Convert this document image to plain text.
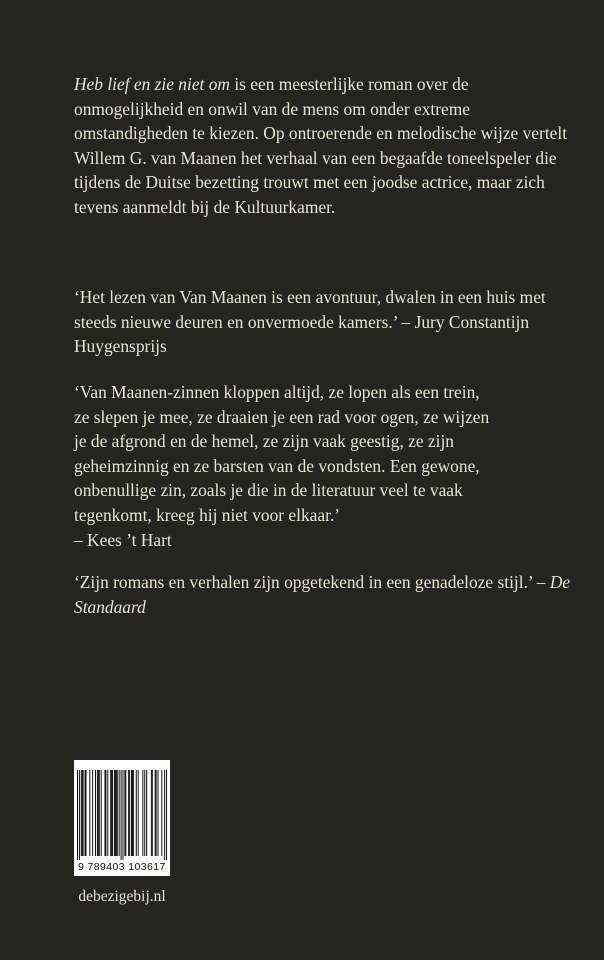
Heb lief en zie niet om is een meesterlijke roman over de onmogelijkheid en onwil van de mens om onder extreme omstandigheden te kiezen. Op ontroerende en melodische wijze vertelt Willem G. van Maanen het verhaal van een begaafde toneelspeler die tijdens de Duitse bezetting trouwt met een joodse actrice, maar zich tevens aanmeldt bij de Kultuurkamer.

‘Het lezen van Van Maanen is een avontuur, dwalen in een huis met steeds nieuwe deuren en onvermoede kamers.’ – Jury Constantijn Huygensprijs

‘Van Maanen-zinnen kloppen altijd, ze lopen als een trein,
ze slepen je mee, ze draaien je een rad voor ogen, ze wijzen
je de afgrond en de hemel, ze zijn vaak geestig, ze zijn
geheimzinnig en ze barsten van de vondsten. Een gewone,
onbenullige zin, zoals je die in de literatuur veel te vaak
tegenkomt, kreeg hij niet voor elkaar.’
– Kees ’t Hart

‘Zijn romans en verhalen zijn opgetekend in een genadeloze stijl.’ – De Standaard

9 789403 103617
debezigebij.nl
